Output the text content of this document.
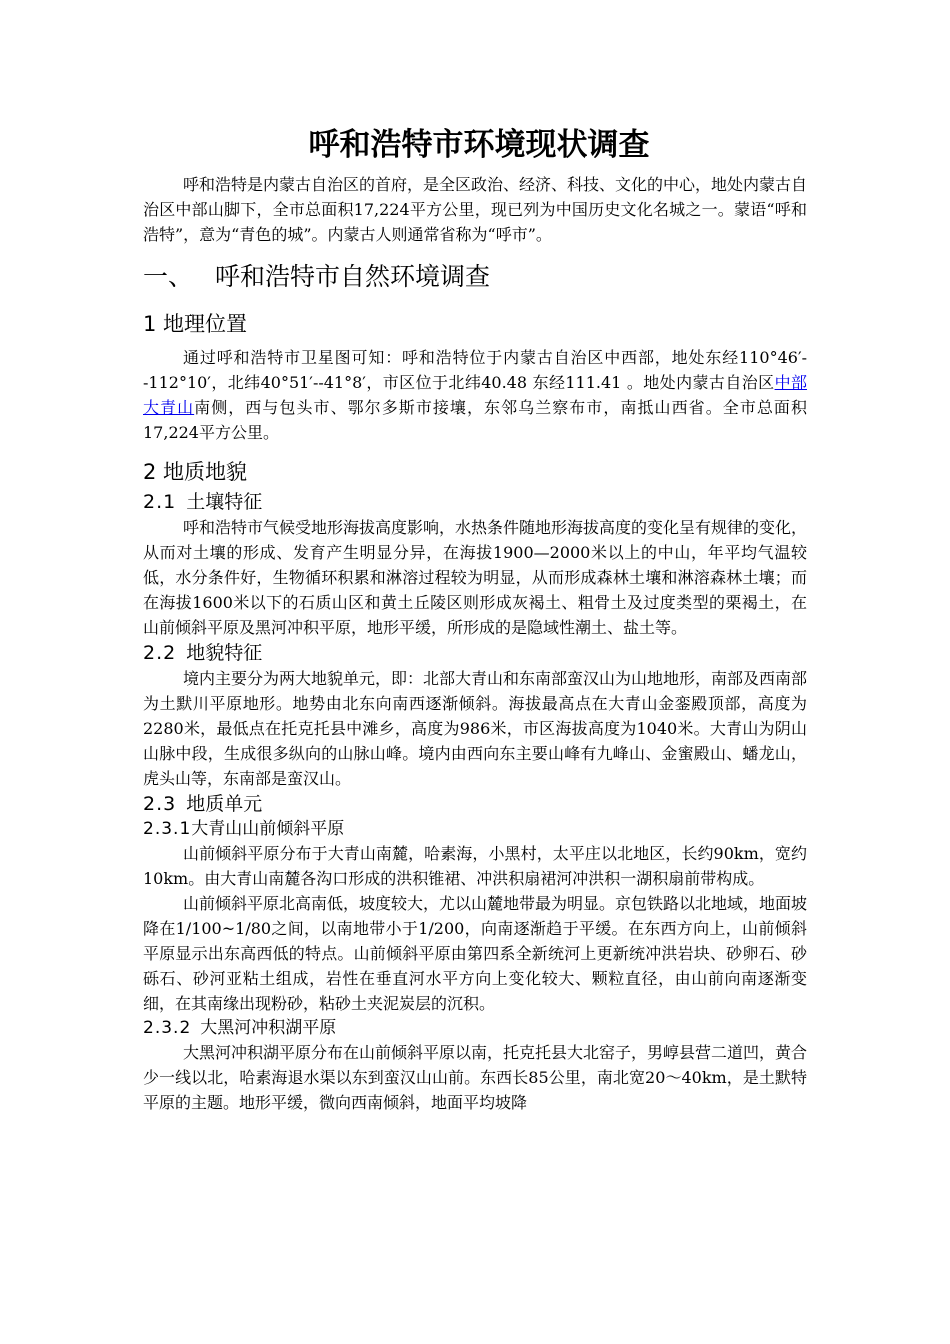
呼和浩特市环境现状调查

呼和浩特是内蒙古自治区的首府，是全区政治、经济、科技、文化的中心，地处内蒙古自治区中部山脚下，全市总面积17,224平方公里，现已列为中国历史文化名城之一。蒙语“呼和浩特”，意为“青色的城”。内蒙古人则通常省称为“呼市”。

一、 呼和浩特市自然环境调查
1 地理位置

通过呼和浩特市卫星图可知：呼和浩特位于内蒙古自治区中西部，地处东经110°46′--112°10′，北纬40°51′--41°8′，市区位于北纬40.48 东经111.41 。地处内蒙古自治区中部大青山南侧，西与包头市、鄂尔多斯市接壤，东邻乌兰察布市，南抵山西省。全市总面积17,224平方公里。

2 地质地貌
2.1 土壤特征

呼和浩特市气候受地形海拔高度影响，水热条件随地形海拔高度的变化呈有规律的变化，从而对土壤的形成、发育产生明显分异，在海拔1900—2000米以上的中山，年平均气温较低，水分条件好，生物循环积累和淋溶过程较为明显，从而形成森林土壤和淋溶森林土壤；而在海拔1600米以下的石质山区和黄土丘陵区则形成灰褐土、粗骨土及过度类型的栗褐土，在山前倾斜平原及黑河冲积平原，地形平缓，所形成的是隐域性潮土、盐土等。

2.2 地貌特征

境内主要分为两大地貌单元，即：北部大青山和东南部蛮汉山为山地地形，南部及西南部为土默川平原地形。地势由北东向南西逐渐倾斜。海拔最高点在大青山金銮殿顶部，高度为2280米，最低点在托克托县中滩乡，高度为986米，市区海拔高度为1040米。大青山为阴山山脉中段，生成很多纵向的山脉山峰。境内由西向东主要山峰有九峰山、金蜜殿山、蟠龙山，虎头山等，东南部是蛮汉山。

2.3 地质单元
2.3.1大青山山前倾斜平原

山前倾斜平原分布于大青山南麓，哈素海，小黑村，太平庄以北地区，长约90km，宽约10km。由大青山南麓各沟口形成的洪积锥裙、冲洪积扇裙河冲洪积一湖积扇前带构成。

山前倾斜平原北高南低，坡度较大，尤以山麓地带最为明显。京包铁路以北地域，地面坡降在1/100~1/80之间，以南地带小于1/200，向南逐渐趋于平缓。在东西方向上，山前倾斜平原显示出东高西低的特点。山前倾斜平原由第四系全新统河上更新统冲洪岩块、砂卵石、砂砾石、砂河亚粘土组成，岩性在垂直河水平方向上变化较大、颗粒直径，由山前向南逐渐变细，在其南缘出现粉砂，粘砂土夹泥炭层的沉积。

2.3.2 大黑河冲积湖平原

大黑河冲积湖平原分布在山前倾斜平原以南，托克托县大北窑子，男崞县营二道凹，黄合少一线以北，哈素海退水渠以东到蛮汉山山前。东西长85公里，南北宽20～40km，是土默特平原的主题。地形平缓，微向西南倾斜，地面平均坡降
